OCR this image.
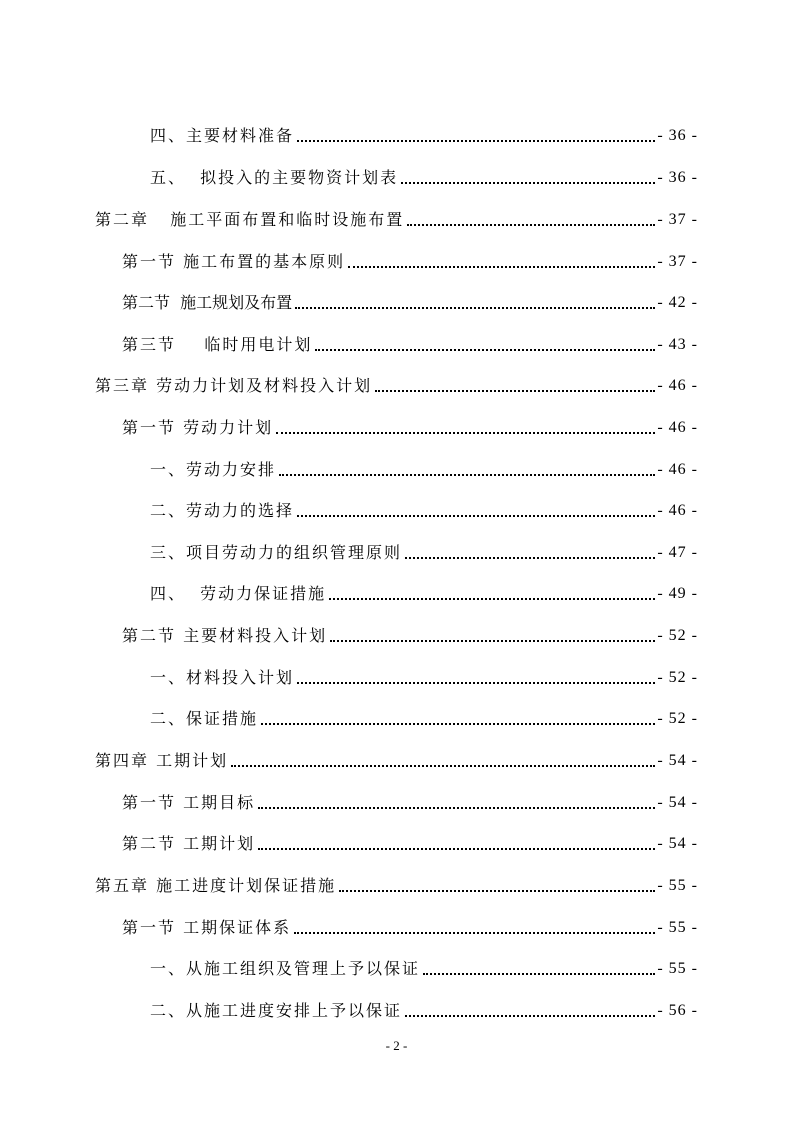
四、主要材料准备	- 36 -
五、  拟投入的主要物资计划表	- 36 -
第二章   施工平面布置和临时设施布置	- 37 -
第一节 施工布置的基本原则	- 37 -
第二节  施工规划及布置	- 42 -
第三节    临时用电计划	- 43 -
第三章 劳动力计划及材料投入计划	- 46 -
第一节 劳动力计划	- 46 -
一、劳动力安排	- 46 -
二、劳动力的选择	- 46 -
三、项目劳动力的组织管理原则	- 47 -
四、  劳动力保证措施	- 49 -
第二节 主要材料投入计划	- 52 -
一、材料投入计划	- 52 -
二、保证措施	- 52 -
第四章 工期计划	- 54 -
第一节 工期目标	- 54 -
第二节 工期计划	- 54 -
第五章 施工进度计划保证措施	- 55 -
第一节 工期保证体系	- 55 -
一、从施工组织及管理上予以保证	- 55 -
二、从施工进度安排上予以保证	- 56 -
- 2 -
